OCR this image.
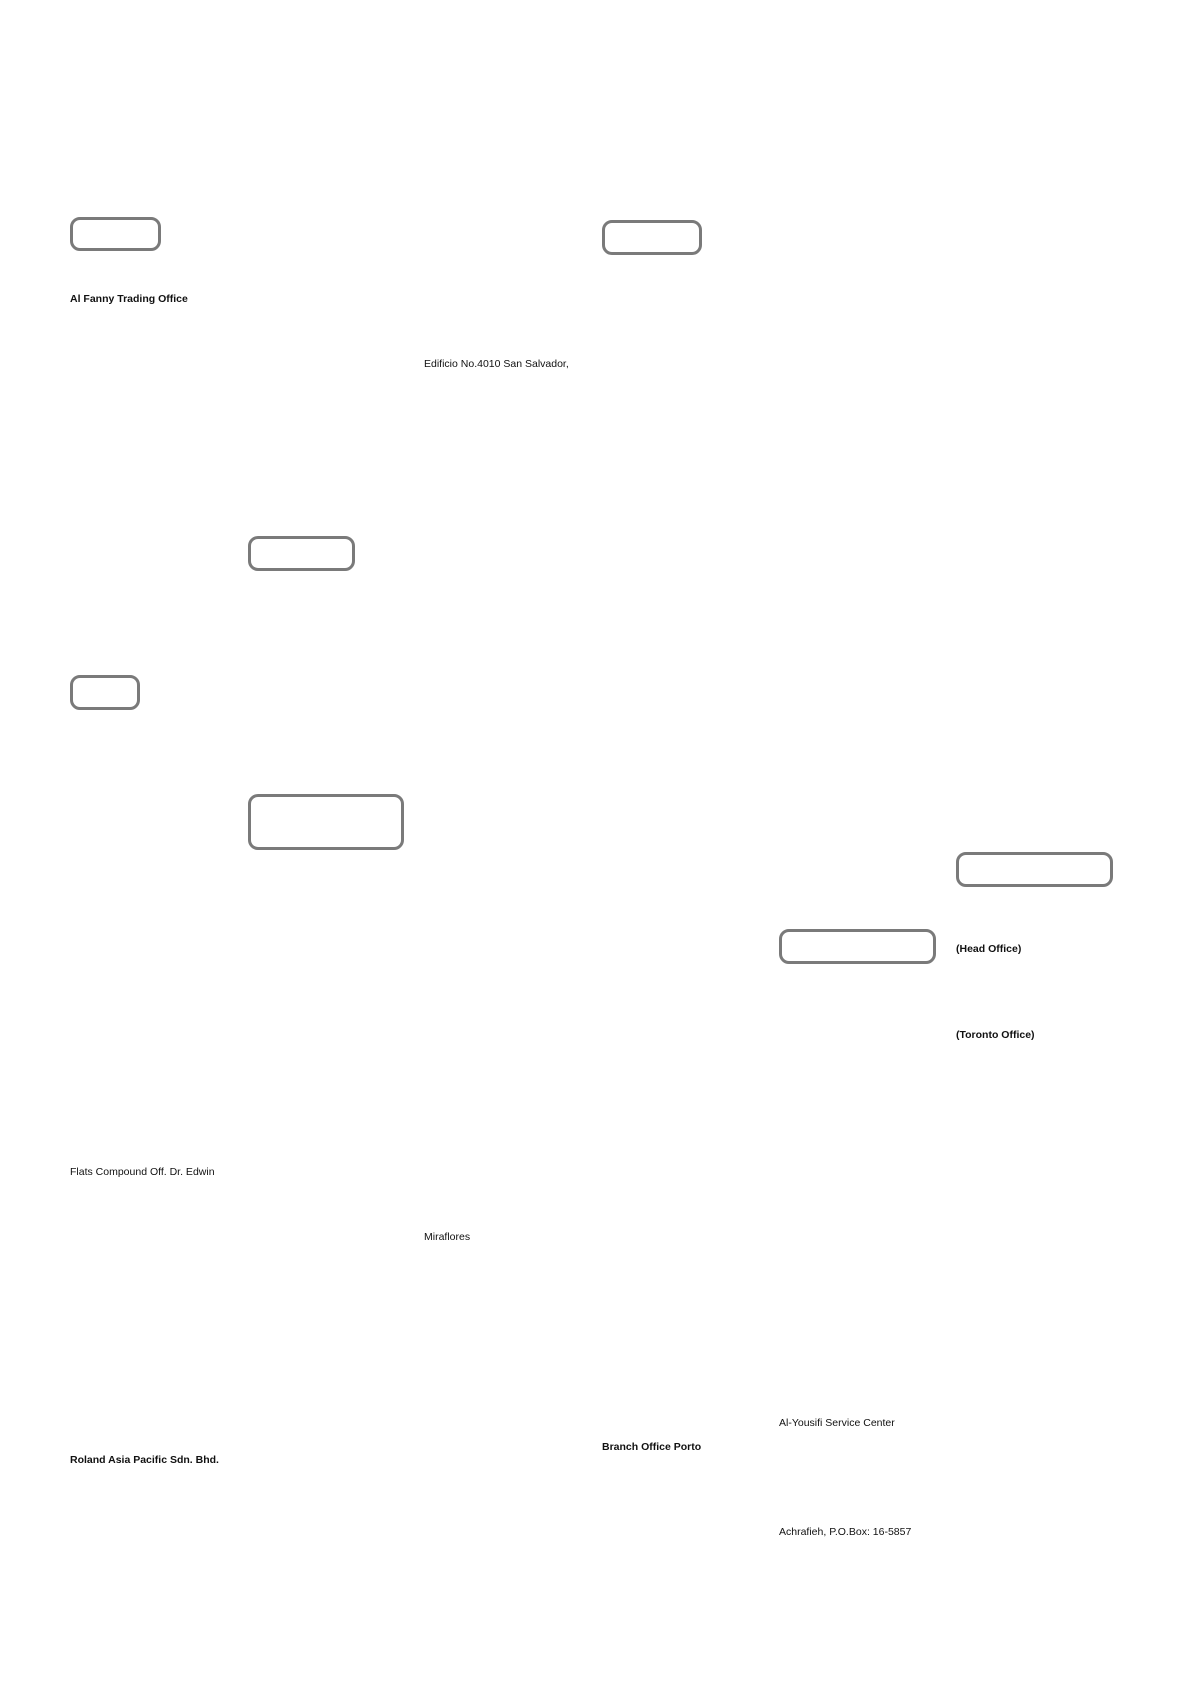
Al Fanny Trading Office
Edificio No.4010 San Salvador,
(Head Office)
(Toronto Office)
Flats Compound Off. Dr. Edwin
Miraflores
Al-Yousifi Service Center
Branch Office Porto
Roland Asia Pacific Sdn. Bhd.
Achrafieh, P.O.Box: 16-5857
